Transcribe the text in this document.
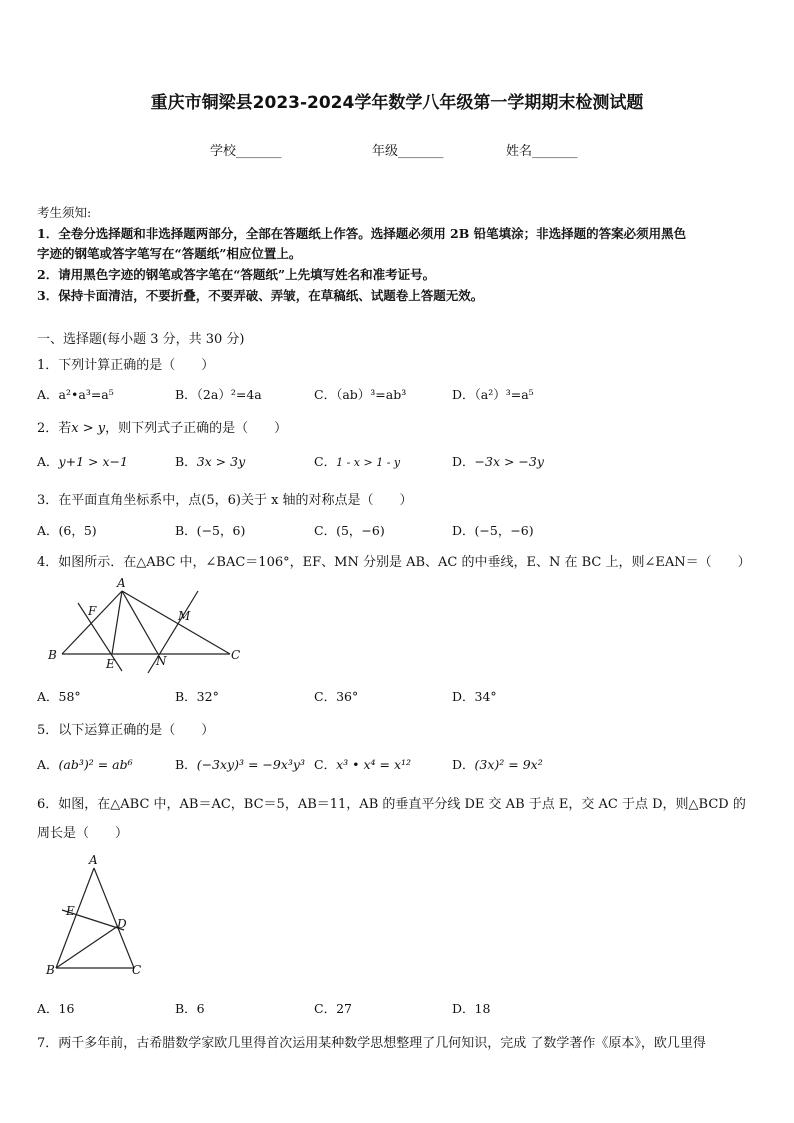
重庆市铜梁县2023-2024学年数学八年级第一学期期末检测试题
学校_______	年级_______	姓名_______
考生须知:
1．全卷分选择题和非选择题两部分，全部在答题纸上作答。选择题必须用 2B 铅笔填涂；非选择题的答案必须用黑色
字迹的钢笔或答字笔写在“答题纸”相应位置上。
2．请用黑色字迹的钢笔或答字笔在“答题纸”上先填写姓名和准考证号。
3．保持卡面清洁，不要折叠，不要弄破、弄皱，在草稿纸、试题卷上答题无效。
一、选择题(每小题 3 分，共 30 分)
1．下列计算正确的是（　　）
A．a²•a³=a⁵	B．（2a）²=4a	C．（ab）³=ab³	D．（a²）³=a⁵
2．若x > y，则下列式子正确的是（　　）
A．y+1 > x−1	B．3x > 3y	C．1 - x > 1 - y	D．−3x > −3y
3．在平面直角坐标系中，点(5，6)关于 x 轴的对称点是（　　）
A．(6，5)	B．(−5，6)	C．(5，−6)	D．(−5，−6)
4．如图所示．在△ABC 中，∠BAC＝106°，EF、MN 分别是 AB、AC 的中垂线，E、N 在 BC 上，则∠EAN＝（　　）
A
F	M
B
E	N	C
A．58°	B．32°	C．36°	D．34°
5．以下运算正确的是（　　）
A．(ab³)² = ab⁶	B．(−3xy)³ = −9x³y³ C．x³ • x⁴ = x¹²	D．(3x)² = 9x²
6．如图，在△ABC 中，AB＝AC，BC＝5，AB＝11，AB 的垂直平分线 DE 交 AB 于点 E，交 AC 于点 D，则△BCD 的
周长是（　　）
A
E
D
B	C
A．16	B．6	C．27	D．18
7．两千多年前，古希腊数学家欧几里得首次运用某种数学思想整理了几何知识，完成 了数学著作《原本》，欧几里得
